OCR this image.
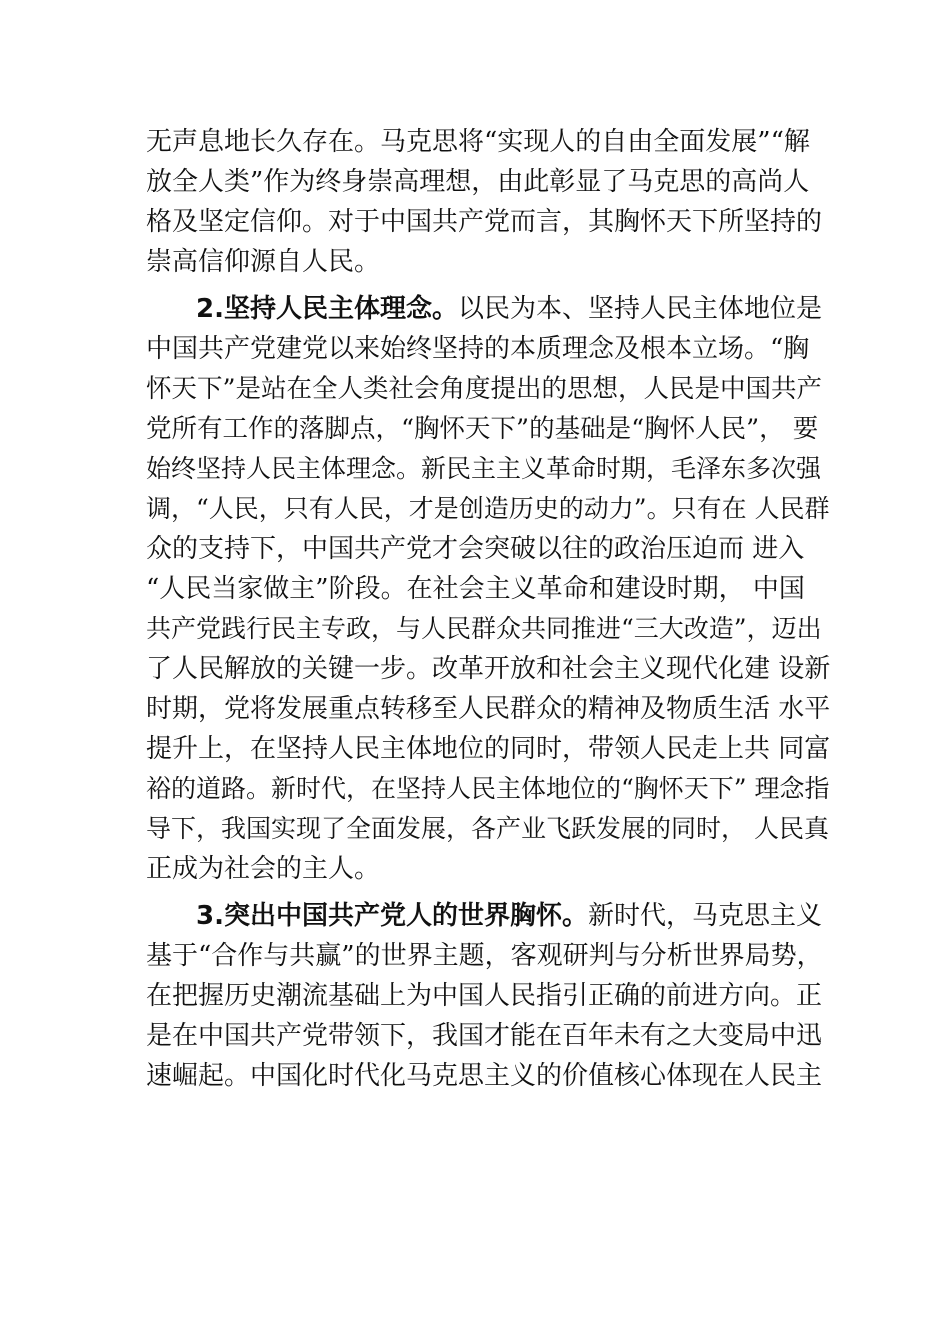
无声息地长久存在。马克思将“实现人的自由全面发展”“解
放全人类”作为终身崇高理想，由此彰显了马克思的高尚人
格及坚定信仰。对于中国共产党而言，其胸怀天下所坚持的
崇高信仰源自人民。
2.坚持人民主体理念。以民为本、坚持人民主体地位是
中国共产党建党以来始终坚持的本质理念及根本立场。“胸
怀天下”是站在全人类社会角度提出的思想，人民是中国共产
党所有工作的落脚点，“胸怀天下”的基础是“胸怀人民”， 要
始终坚持人民主体理念。新民主主义革命时期，毛泽东多次强
调，“人民，只有人民，才是创造历史的动力”。只有在 人民群
众的支持下，中国共产党才会突破以往的政治压迫而 进入
“人民当家做主”阶段。在社会主义革命和建设时期， 中国
共产党践行民主专政，与人民群众共同推进“三大改造”，迈出
了人民解放的关键一步。改革开放和社会主义现代化建 设新
时期，党将发展重点转移至人民群众的精神及物质生活 水平
提升上，在坚持人民主体地位的同时，带领人民走上共 同富
裕的道路。新时代，在坚持人民主体地位的“胸怀天下” 理念指
导下，我国实现了全面发展，各产业飞跃发展的同时， 人民真
正成为社会的主人。
3.突出中国共产党人的世界胸怀。新时代，马克思主义
基于“合作与共赢”的世界主题，客观研判与分析世界局势，
在把握历史潮流基础上为中国人民指引正确的前进方向。正
是在中国共产党带领下，我国才能在百年未有之大变局中迅
速崛起。中国化时代化马克思主义的价值核心体现在人民主
